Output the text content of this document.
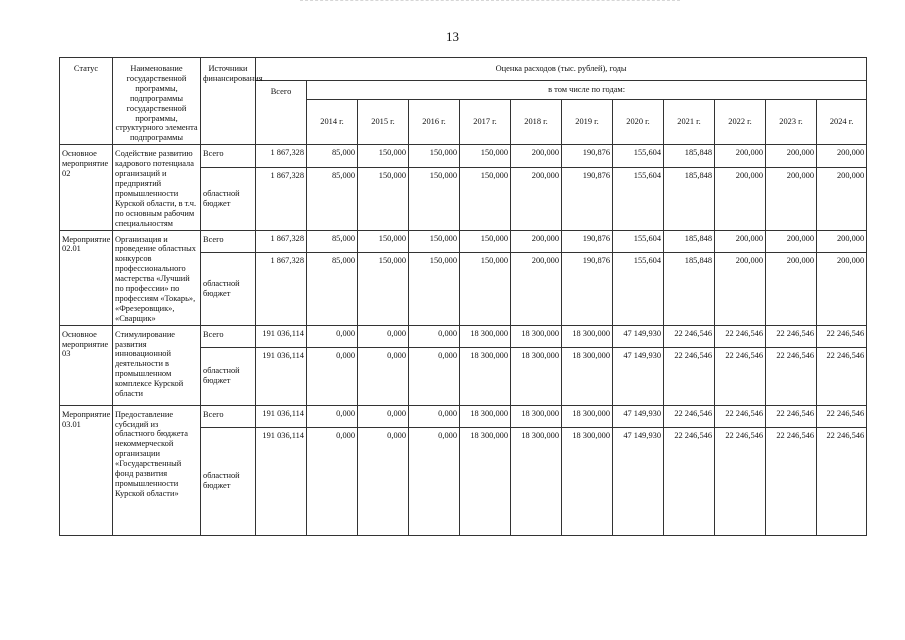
13
Статус	Наименование государственной программы, подпрограммы государственной программы, структурного элемента подпрограммы	Источники финансирования	Оценка расходов (тыс. рублей), годы											
			Всего	в том числе по годам:										
				2014 г.	2015 г.	2016 г.	2017 г.	2018 г.	2019 г.	2020 г.	2021 г.	2022 г.	2023 г.	2024 г.
Основное мероприятие 02	Содействие развитию кадрового потенциала организаций и предприятий промышленности Курской области, в т.ч. по основным рабочим специальностям	Всего	1 867,328	85,000	150,000	150,000	150,000	200,000	190,876	155,604	185,848	200,000	200,000	200,000
		областной бюджет	1 867,328	85,000	150,000	150,000	150,000	200,000	190,876	155,604	185,848	200,000	200,000	200,000
Мероприятие 02.01	Организация и проведение областных конкурсов профессионального мастерства «Лучший по профессии» по профессиям «Токарь», «Фрезеровщик», «Сварщик»	Всего	1 867,328	85,000	150,000	150,000	150,000	200,000	190,876	155,604	185,848	200,000	200,000	200,000
		областной бюджет	1 867,328	85,000	150,000	150,000	150,000	200,000	190,876	155,604	185,848	200,000	200,000	200,000
Основное мероприятие 03	Стимулирование развития инновационной деятельности в промышленном комплексе Курской области	Всего	191 036,114	0,000	0,000	0,000	18 300,000	18 300,000	18 300,000	47 149,930	22 246,546	22 246,546	22 246,546	22 246,546
		областной бюджет	191 036,114	0,000	0,000	0,000	18 300,000	18 300,000	18 300,000	47 149,930	22 246,546	22 246,546	22 246,546	22 246,546
Мероприятие 03.01	Предоставление субсидий из областного бюджета некоммерческой организации «Государственный фонд развития промышленности Курской области»	Всего	191 036,114	0,000	0,000	0,000	18 300,000	18 300,000	18 300,000	47 149,930	22 246,546	22 246,546	22 246,546	22 246,546
		областной бюджет	191 036,114	0,000	0,000	0,000	18 300,000	18 300,000	18 300,000	47 149,930	22 246,546	22 246,546	22 246,546	22 246,546
